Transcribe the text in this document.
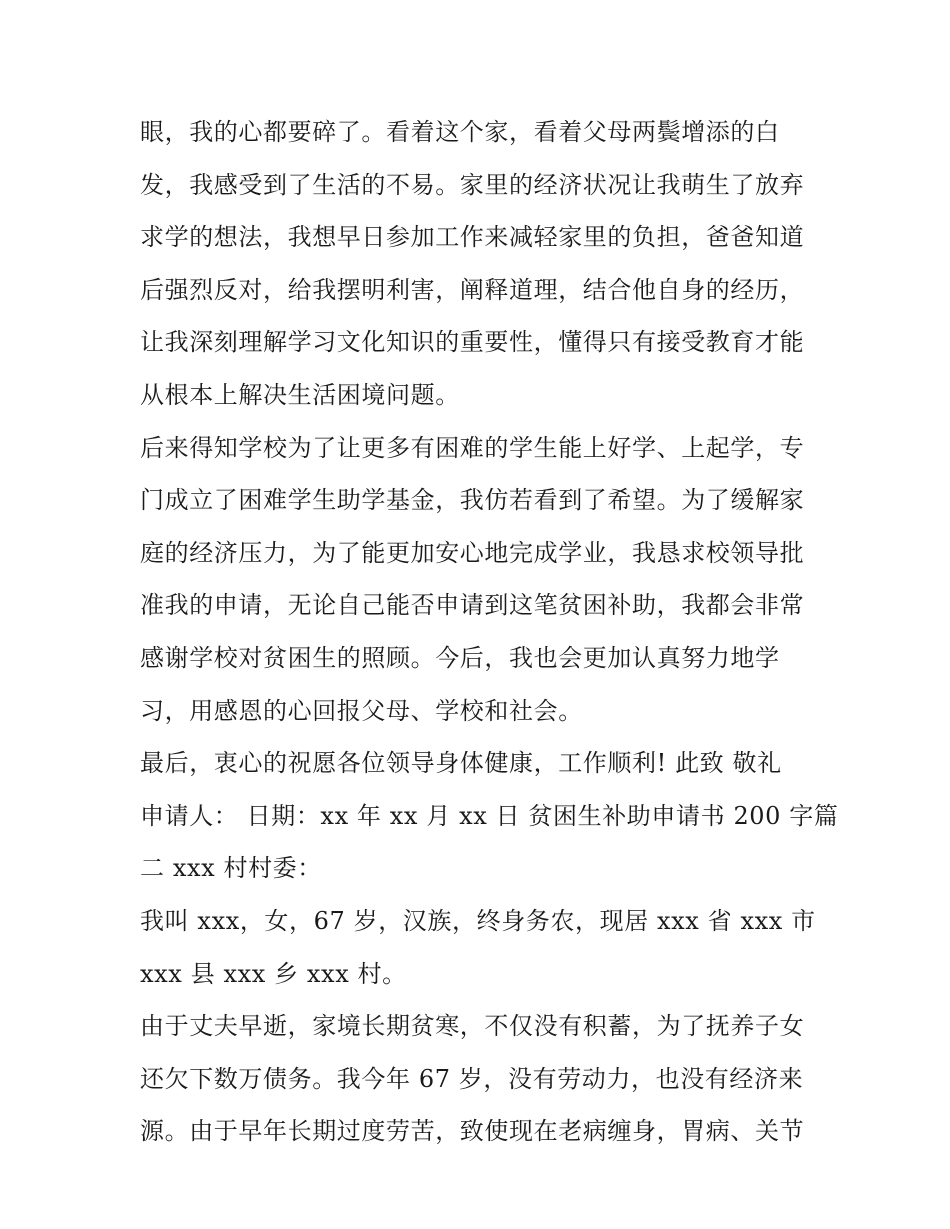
眼，我的心都要碎了。看着这个家，看着父母两鬓增添的白
发，我感受到了生活的不易。家里的经济状况让我萌生了放弃
求学的想法，我想早日参加工作来减轻家里的负担，爸爸知道
后强烈反对，给我摆明利害，阐释道理，结合他自身的经历，
让我深刻理解学习文化知识的重要性，懂得只有接受教育才能
从根本上解决生活困境问题。
后来得知学校为了让更多有困难的学生能上好学、上起学，专
门成立了困难学生助学基金，我仿若看到了希望。为了缓解家
庭的经济压力，为了能更加安心地完成学业，我恳求校领导批
准我的申请，无论自己能否申请到这笔贫困补助，我都会非常
感谢学校对贫困生的照顾。今后，我也会更加认真努力地学
习，用感恩的心回报父母、学校和社会。
最后，衷心的祝愿各位领导身体健康，工作顺利! 此致 敬礼
申请人： 日期：xx 年 xx 月 xx 日 贫困生补助申请书 200 字篇
二 xxx 村村委：
我叫 xxx，女，67 岁，汉族，终身务农，现居 xxx 省 xxx 市
xxx 县 xxx 乡 xxx 村。
由于丈夫早逝，家境长期贫寒，不仅没有积蓄，为了抚养子女
还欠下数万债务。我今年 67 岁，没有劳动力，也没有经济来
源。由于早年长期过度劳苦，致使现在老病缠身，胃病、关节
